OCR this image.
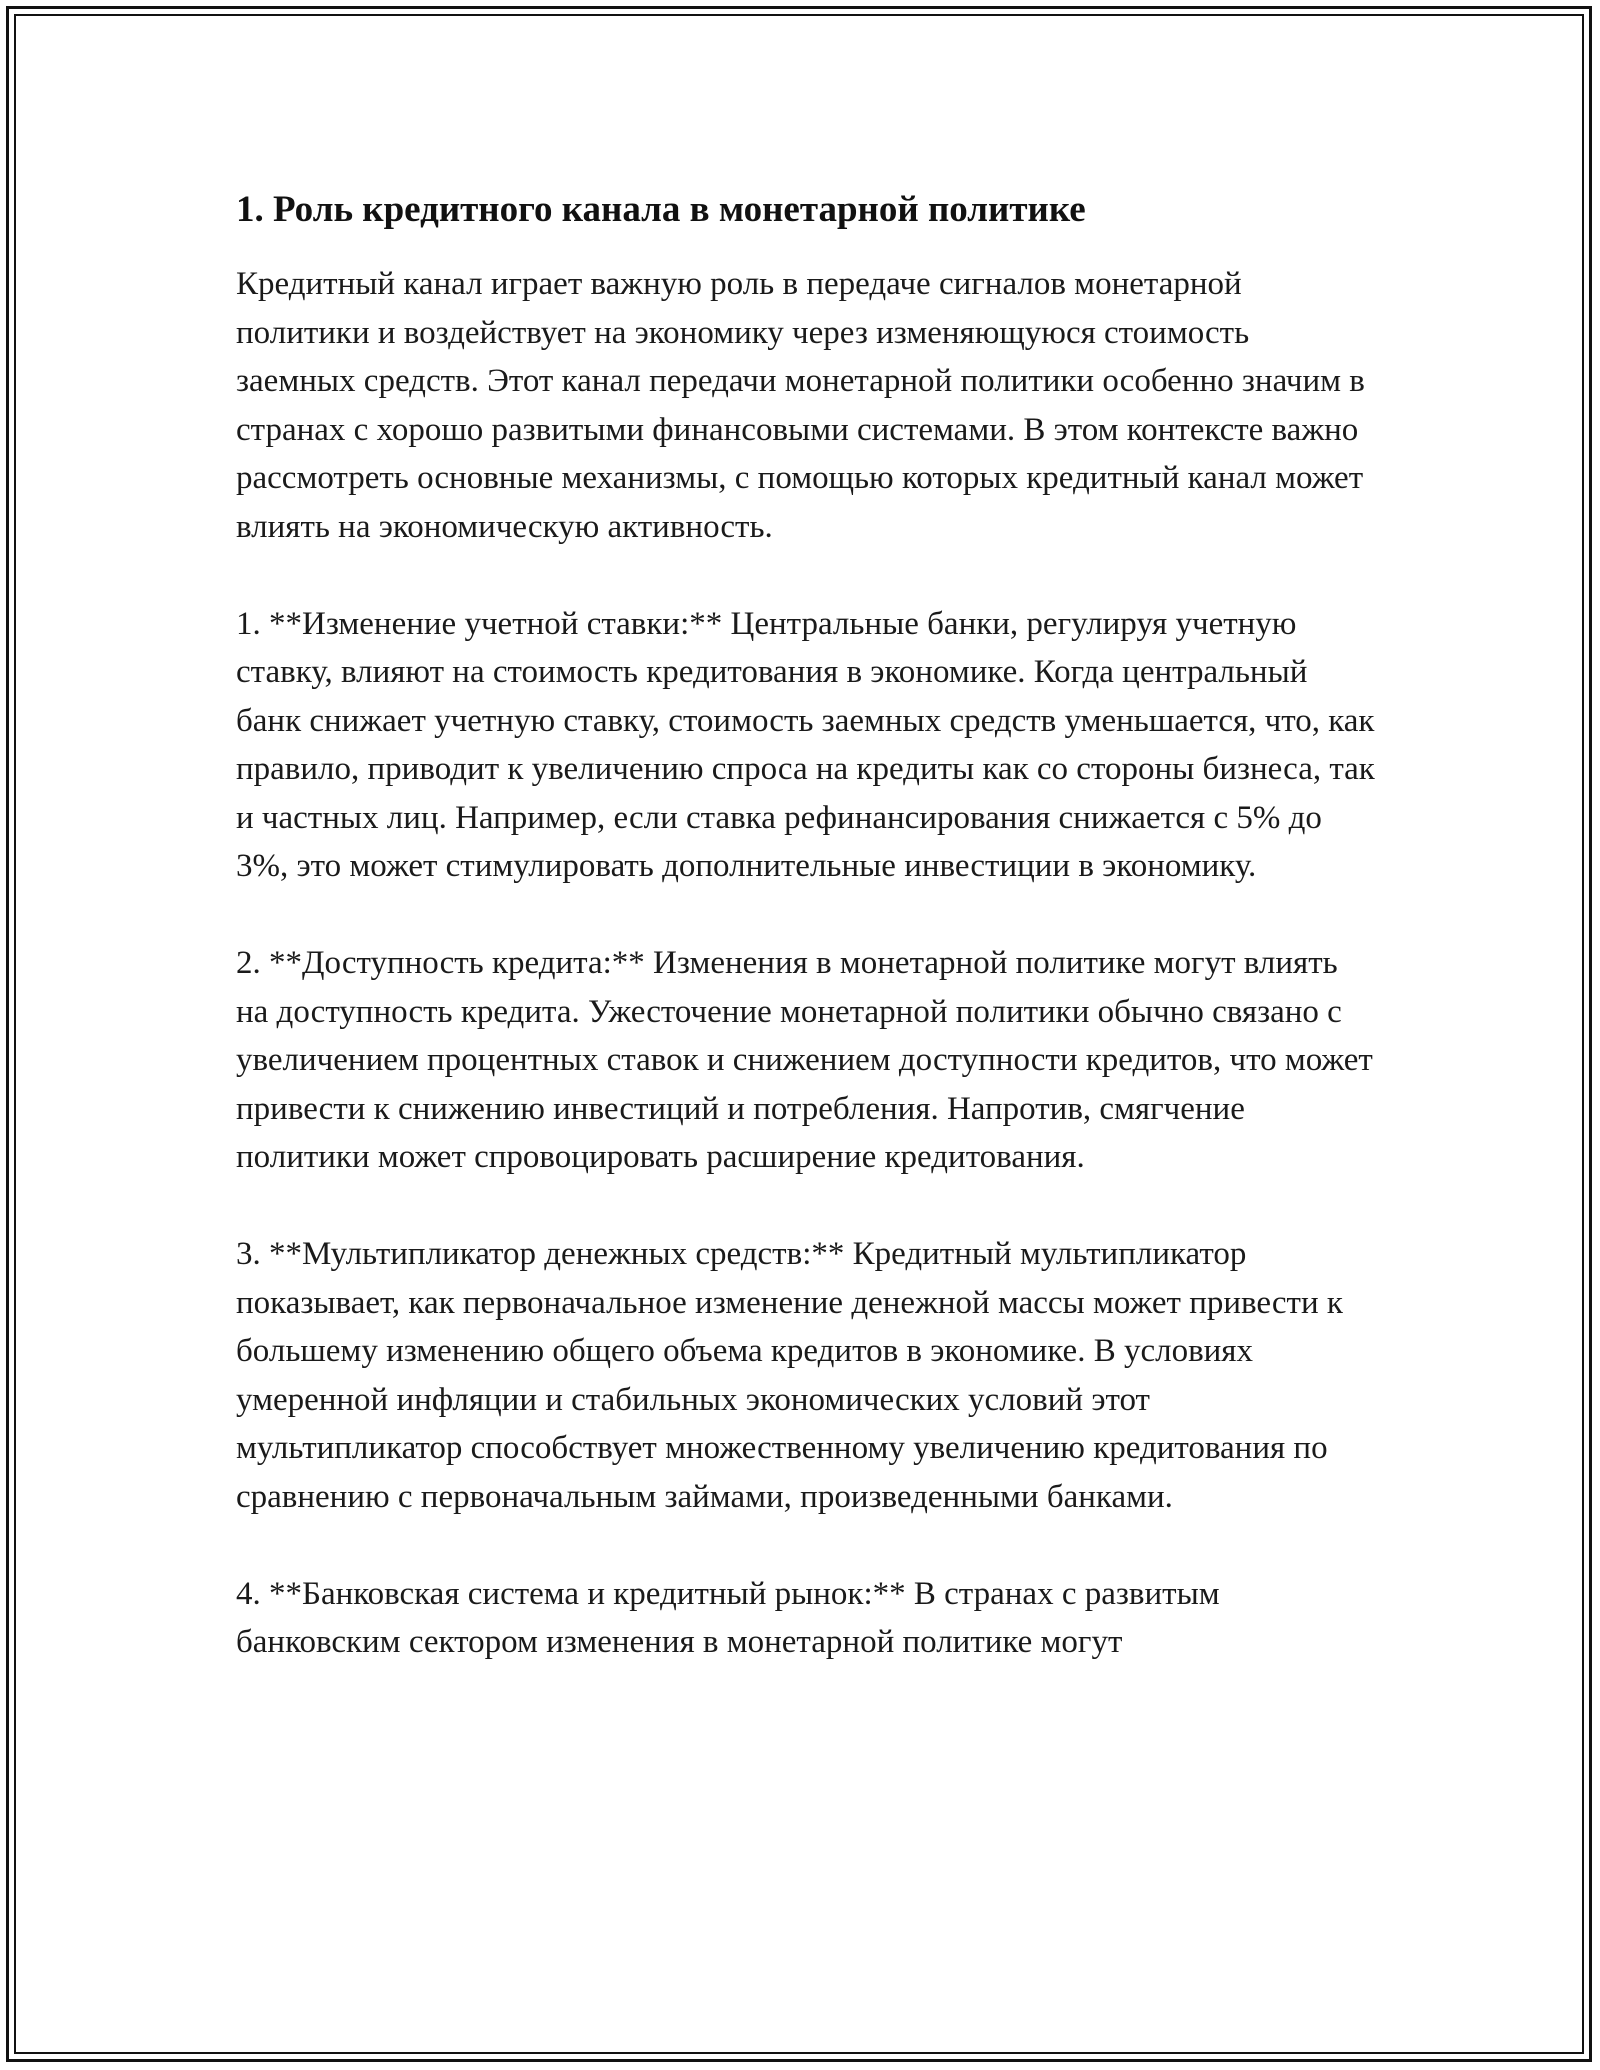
1. Роль кредитного канала в монетарной политике

Кредитный канал играет важную роль в передаче сигналов монетарной политики и воздействует на экономику через изменяющуюся стоимость заемных средств. Этот канал передачи монетарной политики особенно значим в странах с хорошо развитыми финансовыми системами. В этом контексте важно рассмотреть основные механизмы, с помощью которых кредитный канал может влиять на экономическую активность.

1. **Изменение учетной ставки:** Центральные банки, регулируя учетную ставку, влияют на стоимость кредитования в экономике. Когда центральный банк снижает учетную ставку, стоимость заемных средств уменьшается, что, как правило, приводит к увеличению спроса на кредиты как со стороны бизнеса, так и частных лиц. Например, если ставка рефинансирования снижается с 5% до 3%, это может стимулировать дополнительные инвестиции в экономику.

2. **Доступность кредита:** Изменения в монетарной политике могут влиять на доступность кредита. Ужесточение монетарной политики обычно связано с увеличением процентных ставок и снижением доступности кредитов, что может привести к снижению инвестиций и потребления. Напротив, смягчение политики может спровоцировать расширение кредитования.

3. **Мультипликатор денежных средств:** Кредитный мультипликатор показывает, как первоначальное изменение денежной массы может привести к большему изменению общего объема кредитов в экономике. В условиях умеренной инфляции и стабильных экономических условий этот мультипликатор способствует множественному увеличению кредитования по сравнению с первоначальным займами, произведенными банками.

4. **Банковская система и кредитный рынок:** В странах с развитым банковским сектором изменения в монетарной политике могут
